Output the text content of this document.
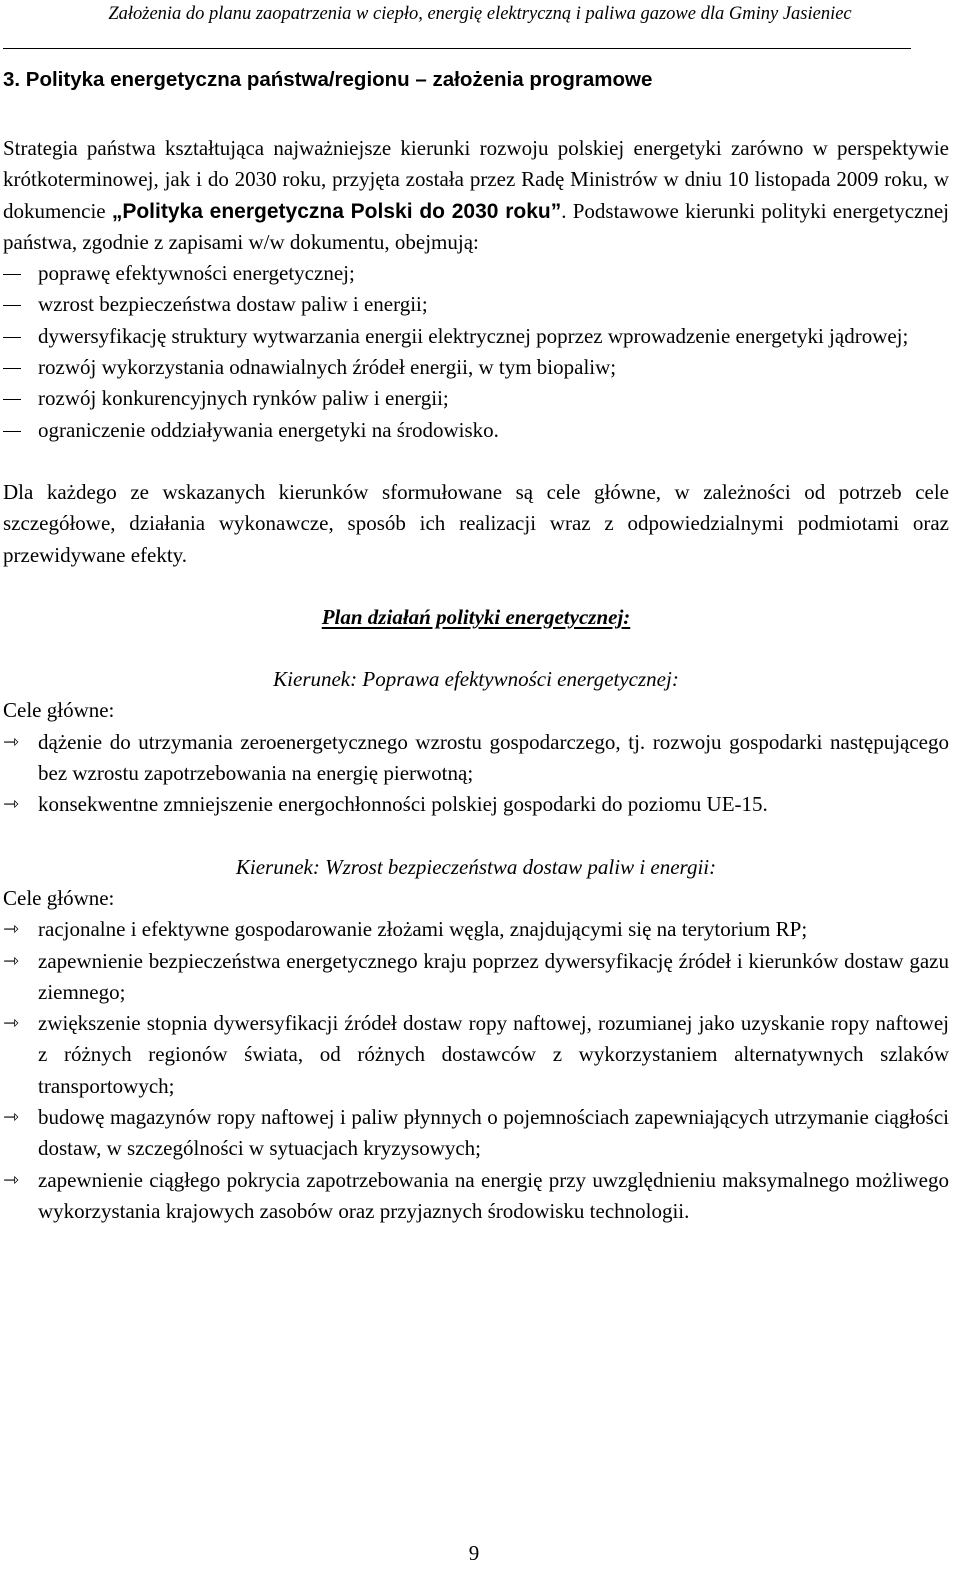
Założenia do planu zaopatrzenia w ciepło, energię elektryczną i paliwa gazowe dla Gminy Jasieniec
3. Polityka energetyczna państwa/regionu – założenia programowe

Strategia państwa kształtująca najważniejsze kierunki rozwoju polskiej energetyki zarówno w perspektywie krótkoterminowej, jak i do 2030 roku, przyjęta została przez Radę Ministrów w dniu 10 listopada 2009 roku, w dokumencie „Polityka energetyczna Polski do 2030 roku”. Podstawowe kierunki polityki energetycznej państwa, zgodnie z zapisami w/w dokumentu, obejmują:

poprawę efektywności energetycznej;
wzrost bezpieczeństwa dostaw paliw i energii;
dywersyfikację struktury wytwarzania energii elektrycznej poprzez wprowadzenie energetyki jądrowej;
rozwój wykorzystania odnawialnych źródeł energii, w tym biopaliw;
rozwój konkurencyjnych rynków paliw i energii;
ograniczenie oddziaływania energetyki na środowisko.

Dla każdego ze wskazanych kierunków sformułowane są cele główne, w zależności od potrzeb cele szczegółowe, działania wykonawcze, sposób ich realizacji wraz z odpowiedzialnymi podmiotami oraz przewidywane efekty.

Plan działań polityki energetycznej:

Kierunek: Poprawa efektywności energetycznej:

Cele główne:

⇾ dążenie do utrzymania zeroenergetycznego wzrostu gospodarczego, tj. rozwoju gospodarki następującego bez wzrostu zapotrzebowania na energię pierwotną;
⇾ konsekwentne zmniejszenie energochłonności polskiej gospodarki do poziomu UE-15.

Kierunek: Wzrost bezpieczeństwa dostaw paliw i energii:

Cele główne:

⇾ racjonalne i efektywne gospodarowanie złożami węgla, znajdującymi się na terytorium RP;
⇾ zapewnienie bezpieczeństwa energetycznego kraju poprzez dywersyfikację źródeł i kierunków dostaw gazu ziemnego;
⇾ zwiększenie stopnia dywersyfikacji źródeł dostaw ropy naftowej, rozumianej jako uzyskanie ropy naftowej z różnych regionów świata, od różnych dostawców z wykorzystaniem alternatywnych szlaków transportowych;
⇾ budowę magazynów ropy naftowej i paliw płynnych o pojemnościach zapewniających utrzymanie ciągłości dostaw, w szczególności w sytuacjach kryzysowych;
⇾ zapewnienie ciągłego pokrycia zapotrzebowania na energię przy uwzględnieniu maksymalnego możliwego wykorzystania krajowych zasobów oraz przyjaznych środowisku technologii.
9
